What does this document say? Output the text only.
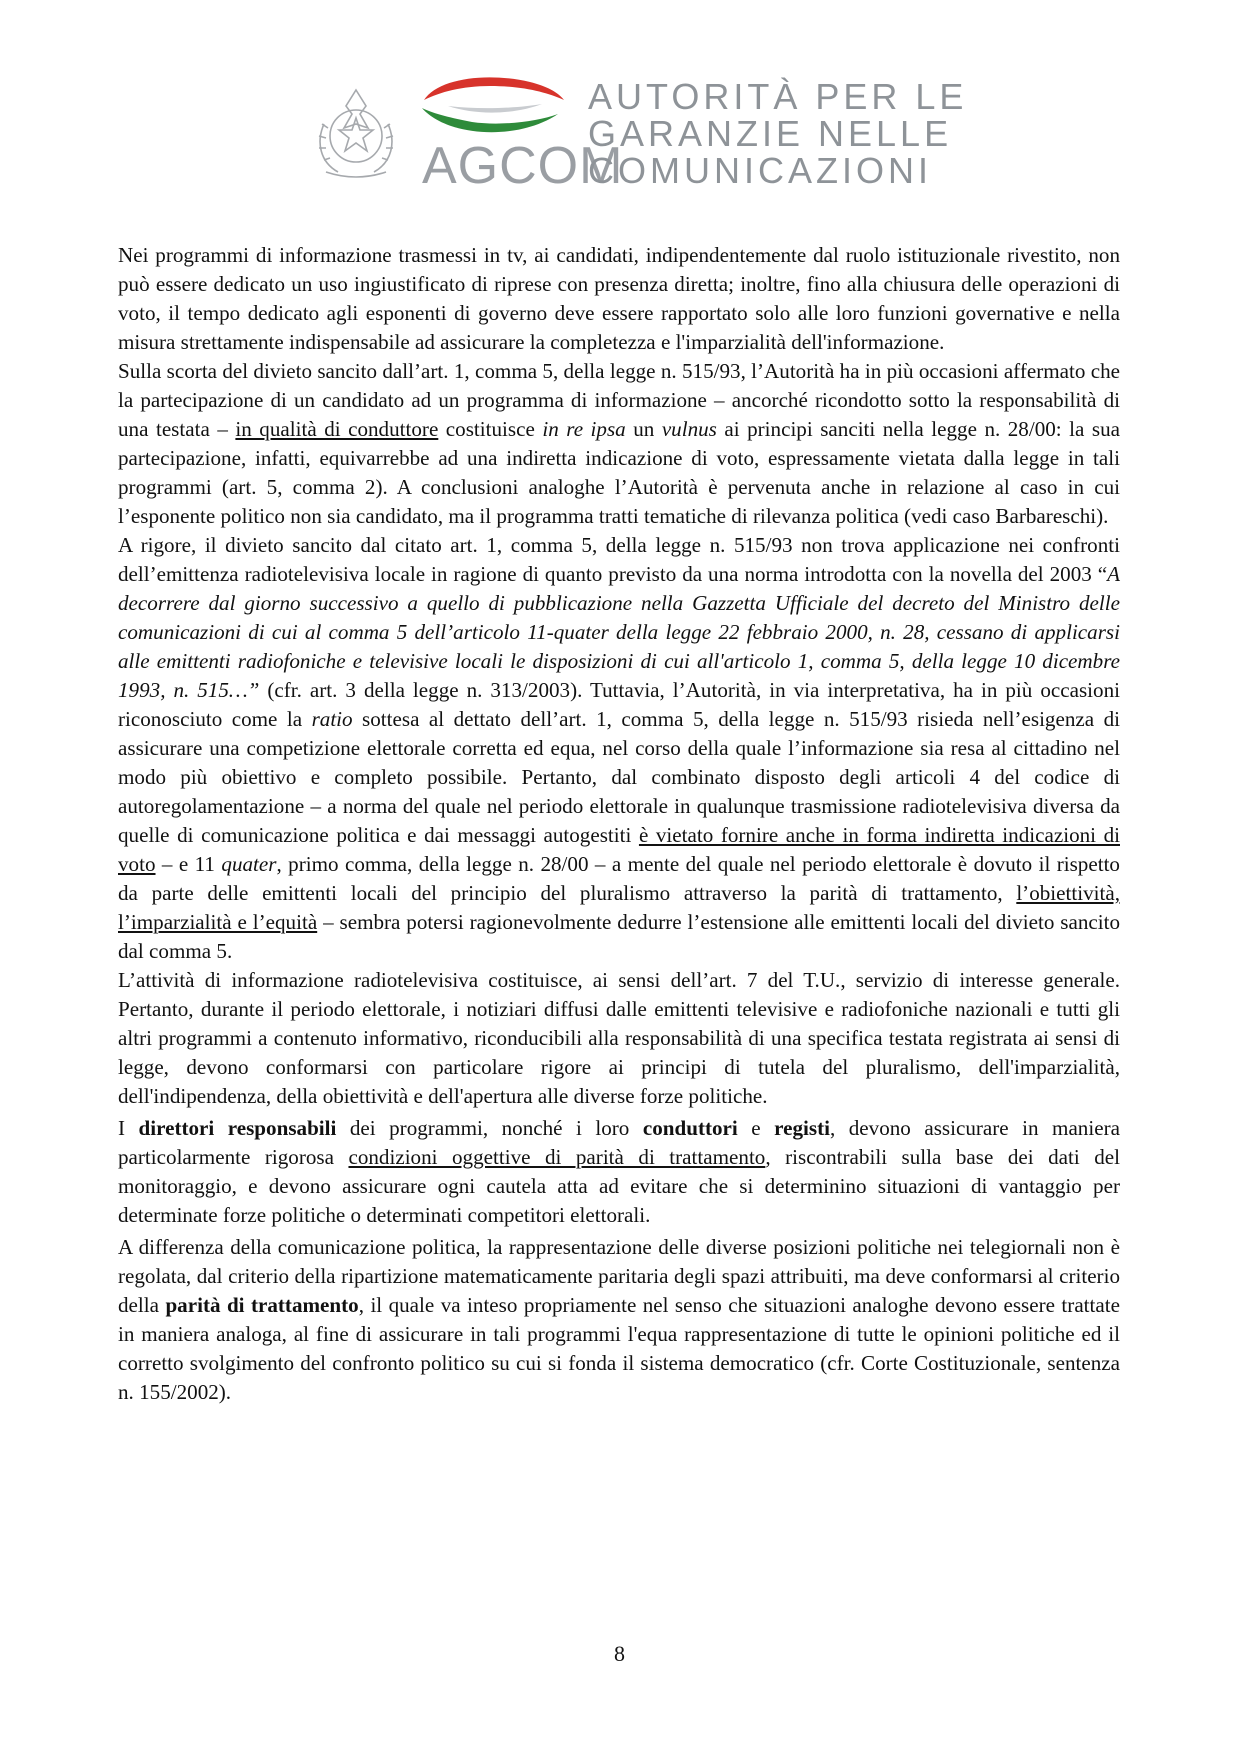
AGCOM
AUTORITÀ PER LE
GARANZIE NELLE
COMUNICAZIONI

Nei programmi di informazione trasmessi in tv, ai candidati, indipendentemente dal ruolo istituzionale rivestito, non può essere dedicato un uso ingiustificato di riprese con presenza diretta; inoltre, fino alla chiusura delle operazioni di voto, il tempo dedicato agli esponenti di governo deve essere rapportato solo alle loro funzioni governative e nella misura strettamente indispensabile ad assicurare la completezza e l'imparzialità dell'informazione.

Sulla scorta del divieto sancito dall’art. 1, comma 5, della legge n. 515/93, l’Autorità ha in più occasioni affermato che la partecipazione di un candidato ad un programma di informazione – ancorché ricondotto sotto la responsabilità di una testata – in qualità di conduttore costituisce in re ipsa un vulnus ai principi sanciti nella legge n. 28/00: la sua partecipazione, infatti, equivarrebbe ad una indiretta indicazione di voto, espressamente vietata dalla legge in tali programmi (art. 5, comma 2). A conclusioni analoghe l’Autorità è pervenuta anche in relazione al caso in cui l’esponente politico non sia candidato, ma il programma tratti tematiche di rilevanza politica (vedi caso Barbareschi).

A rigore, il divieto sancito dal citato art. 1, comma 5, della legge n. 515/93 non trova applicazione nei confronti dell’emittenza radiotelevisiva locale in ragione di quanto previsto da una norma introdotta con la novella del 2003 “A decorrere dal giorno successivo a quello di pubblicazione nella Gazzetta Ufficiale del decreto del Ministro delle comunicazioni di cui al comma 5 dell’articolo 11-quater della legge 22 febbraio 2000, n. 28, cessano di applicarsi alle emittenti radiofoniche e televisive locali le disposizioni di cui all'articolo 1, comma 5, della legge 10 dicembre 1993, n. 515…” (cfr. art. 3 della legge n. 313/2003). Tuttavia, l’Autorità, in via interpretativa, ha in più occasioni riconosciuto come la ratio sottesa al dettato dell’art. 1, comma 5, della legge n. 515/93 risieda nell’esigenza di assicurare una competizione elettorale corretta ed equa, nel corso della quale l’informazione sia resa al cittadino nel modo più obiettivo e completo possibile. Pertanto, dal combinato disposto degli articoli 4 del codice di autoregolamentazione – a norma del quale nel periodo elettorale in qualunque trasmissione radiotelevisiva diversa da quelle di comunicazione politica e dai messaggi autogestiti è vietato fornire anche in forma indiretta indicazioni di voto – e 11 quater, primo comma, della legge n. 28/00 – a mente del quale nel periodo elettorale è dovuto il rispetto da parte delle emittenti locali del principio del pluralismo attraverso la parità di trattamento, l’obiettività, l’imparzialità e l’equità – sembra potersi ragionevolmente dedurre l’estensione alle emittenti locali del divieto sancito dal comma 5.

L’attività di informazione radiotelevisiva costituisce, ai sensi dell’art. 7 del T.U., servizio di interesse generale. Pertanto, durante il periodo elettorale, i notiziari diffusi dalle emittenti televisive e radiofoniche nazionali e tutti gli altri programmi a contenuto informativo, riconducibili alla responsabilità di una specifica testata registrata ai sensi di legge, devono conformarsi con particolare rigore ai principi di tutela del pluralismo, dell'imparzialità, dell'indipendenza, della obiettività e dell'apertura alle diverse forze politiche.

I direttori responsabili dei programmi, nonché i loro conduttori e registi, devono assicurare in maniera particolarmente rigorosa condizioni oggettive di parità di trattamento, riscontrabili sulla base dei dati del monitoraggio, e devono assicurare ogni cautela atta ad evitare che si determinino situazioni di vantaggio per determinate forze politiche o determinati competitori elettorali.

A differenza della comunicazione politica, la rappresentazione delle diverse posizioni politiche nei telegiornali non è regolata, dal criterio della ripartizione matematicamente paritaria degli spazi attribuiti, ma deve conformarsi al criterio della parità di trattamento, il quale va inteso propriamente nel senso che situazioni analoghe devono essere trattate in maniera analoga, al fine di assicurare in tali programmi l'equa rappresentazione di tutte le opinioni politiche ed il corretto svolgimento del confronto politico su cui si fonda il sistema democratico (cfr. Corte Costituzionale, sentenza n. 155/2002).

8
